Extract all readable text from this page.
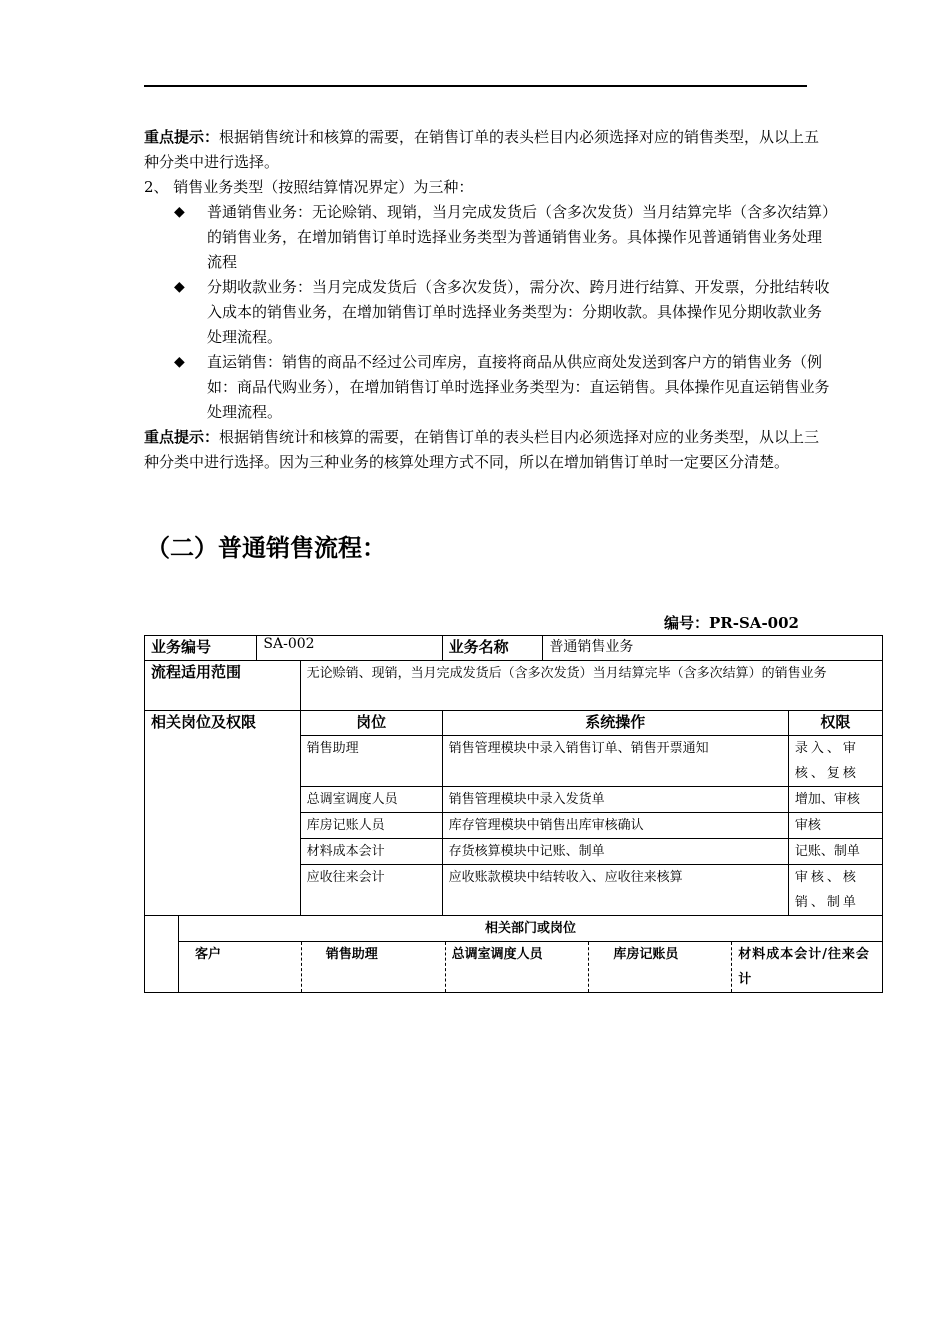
重点提示：根据销售统计和核算的需要，在销售订单的表头栏目内必须选择对应的销售类型，从以上五种分类中进行选择。
2、 销售业务类型（按照结算情况界定）为三种：
◆ 普通销售业务：无论赊销、现销，当月完成发货后（含多次发货）当月结算完毕（含多次结算）的销售业务，在增加销售订单时选择业务类型为普通销售业务。具体操作见普通销售业务处理流程
◆ 分期收款业务：当月完成发货后（含多次发货），需分次、跨月进行结算、开发票，分批结转收入成本的销售业务，在增加销售订单时选择业务类型为：分期收款。具体操作见分期收款业务处理流程。
◆ 直运销售：销售的商品不经过公司库房，直接将商品从供应商处发送到客户方的销售业务（例如：商品代购业务），在增加销售订单时选择业务类型为：直运销售。具体操作见直运销售业务处理流程。
重点提示：根据销售统计和核算的需要，在销售订单的表头栏目内必须选择对应的业务类型，从以上三种分类中进行选择。因为三种业务的核算处理方式不同，所以在增加销售订单时一定要区分清楚。
（二）普通销售流程：
编号：PR-SA-002
业务编号	SA-002		业务名称	普通销售业务	
流程适用范围		无论赊销、现销，当月完成发货后（含多次发货）当月结算完毕（含多次结算）的销售业务			
相关岗位及权限		岗位	系统操作		权限
		销售助理	销售管理模块中录入销售订单、销售开票通知		录入、审核、复核
		总调室调度人员	销售管理模块中录入发货单		增加、审核
		库房记账人员	库存管理模块中销售出库审核确认		审核
		材料成本会计	存货核算模块中记账、制单		记账、制单
		应收往来会计	应收账款模块中结转收入、应收往来核算		审核、核销、制单
	相关部门或岗位				
	客户	销售助理	总调室调度人员	库房记账员	材料成本会计/往来会计
